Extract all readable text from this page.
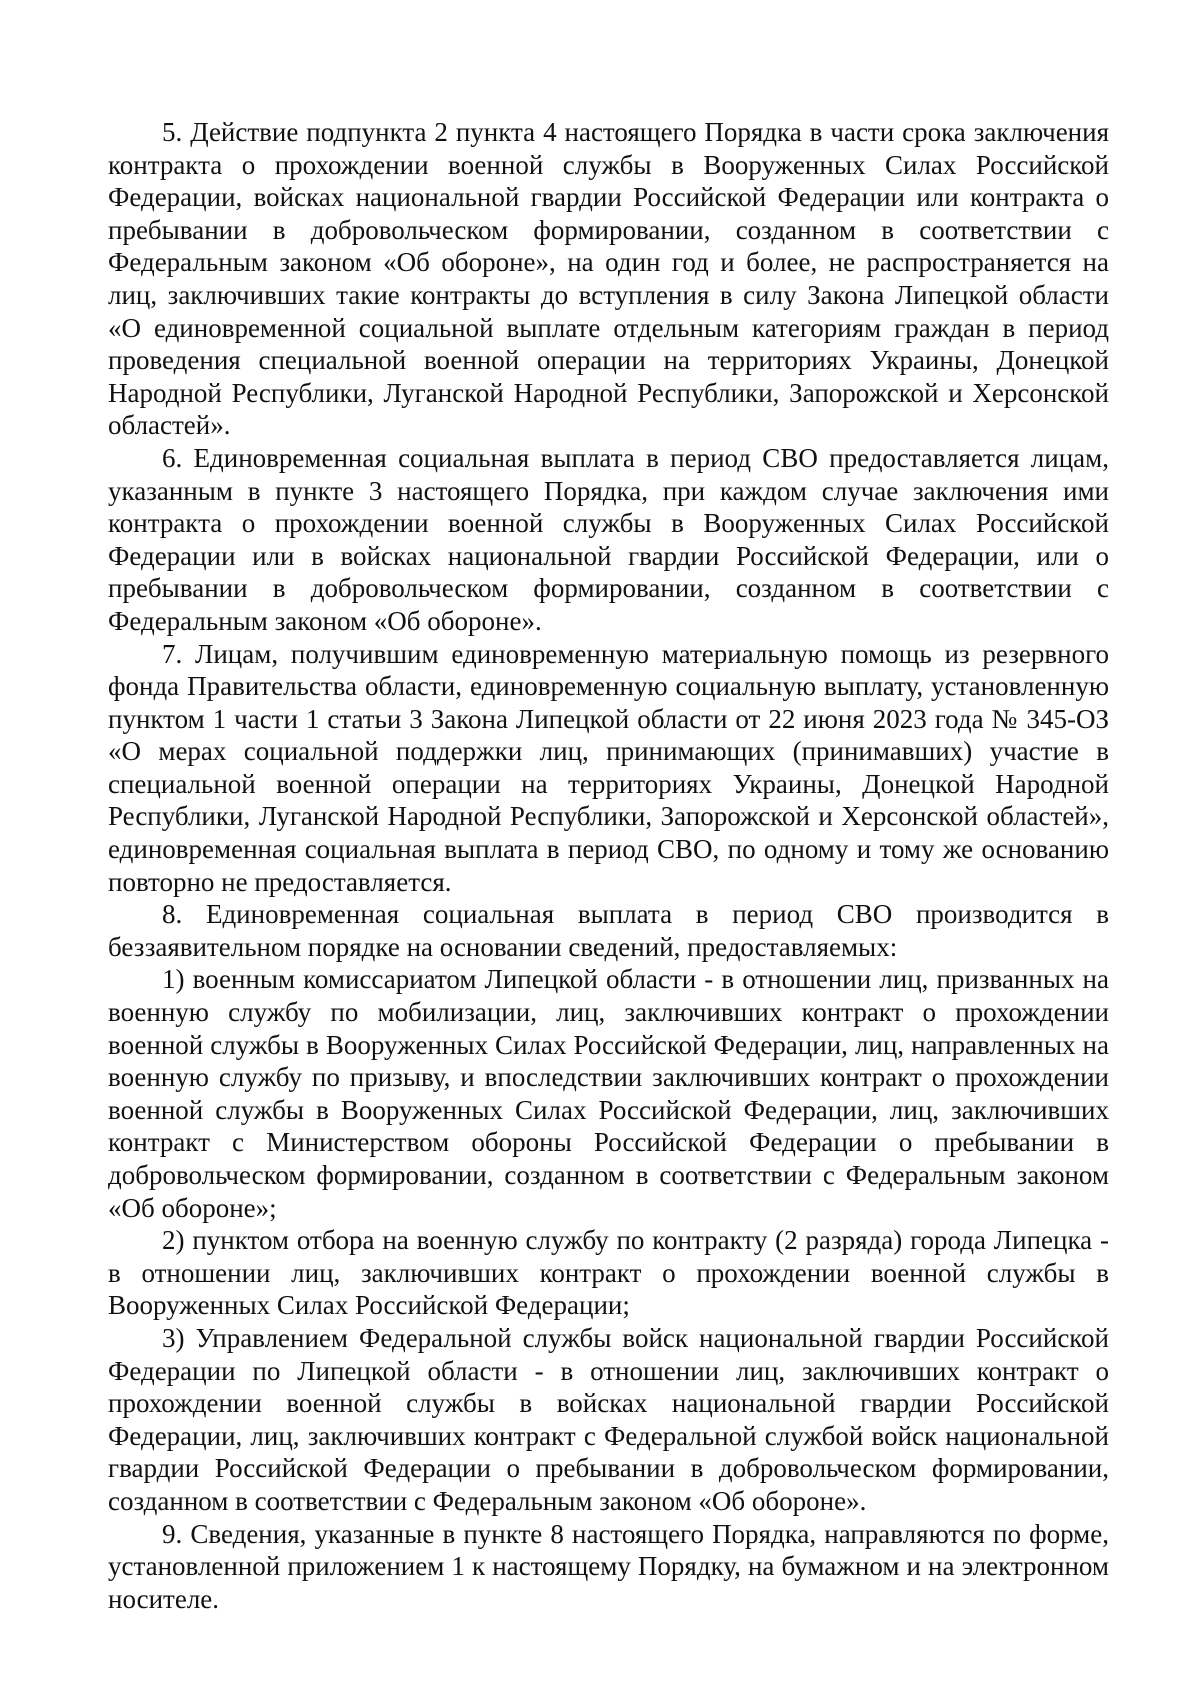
5. Действие подпункта 2 пункта 4 настоящего Порядка в части срока заключения контракта о прохождении военной службы в Вооруженных Силах Российской Федерации, войсках национальной гвардии Российской Федерации или контракта о пребывании в добровольческом формировании, созданном в соответствии с Федеральным законом «Об обороне», на один год и более, не распространяется на лиц, заключивших такие контракты до вступления в силу Закона Липецкой области «О единовременной социальной выплате отдельным категориям граждан в период проведения специальной военной операции на территориях Украины, Донецкой Народной Республики, Луганской Народной Республики, Запорожской и Херсонской областей».

6. Единовременная социальная выплата в период СВО предоставляется лицам, указанным в пункте 3 настоящего Порядка, при каждом случае заключения ими контракта о прохождении военной службы в Вооруженных Силах Российской Федерации или в войсках национальной гвардии Российской Федерации, или о пребывании в добровольческом формировании, созданном в соответствии с Федеральным законом «Об обороне».

7. Лицам, получившим единовременную материальную помощь из резервного фонда Правительства области, единовременную социальную выплату, установленную пунктом 1 части 1 статьи 3 Закона Липецкой области от 22 июня 2023 года № 345-ОЗ «О мерах социальной поддержки лиц, принимающих (принимавших) участие в специальной военной операции на территориях Украины, Донецкой Народной Республики, Луганской Народной Республики, Запорожской и Херсонской областей», единовременная социальная выплата в период СВО, по одному и тому же основанию повторно не предоставляется.

8. Единовременная социальная выплата в период СВО производится в беззаявительном порядке на основании сведений, предоставляемых:

1) военным комиссариатом Липецкой области - в отношении лиц, призванных на военную службу по мобилизации, лиц, заключивших контракт о прохождении военной службы в Вооруженных Силах Российской Федерации, лиц, направленных на военную службу по призыву, и впоследствии заключивших контракт о прохождении военной службы в Вооруженных Силах Российской Федерации, лиц, заключивших контракт с Министерством обороны Российской Федерации о пребывании в добровольческом формировании, созданном в соответствии с Федеральным законом «Об обороне»;

2) пунктом отбора на военную службу по контракту (2 разряда) города Липецка - в отношении лиц, заключивших контракт о прохождении военной службы в Вооруженных Силах Российской Федерации;

3) Управлением Федеральной службы войск национальной гвардии Российской Федерации по Липецкой области - в отношении лиц, заключивших контракт о прохождении военной службы в войсках национальной гвардии Российской Федерации, лиц, заключивших контракт с Федеральной службой войск национальной гвардии Российской Федерации о пребывании в добровольческом формировании, созданном в соответствии с Федеральным законом «Об обороне».

9. Сведения, указанные в пункте 8 настоящего Порядка, направляются по форме, установленной приложением 1 к настоящему Порядку, на бумажном и на электронном носителе.
